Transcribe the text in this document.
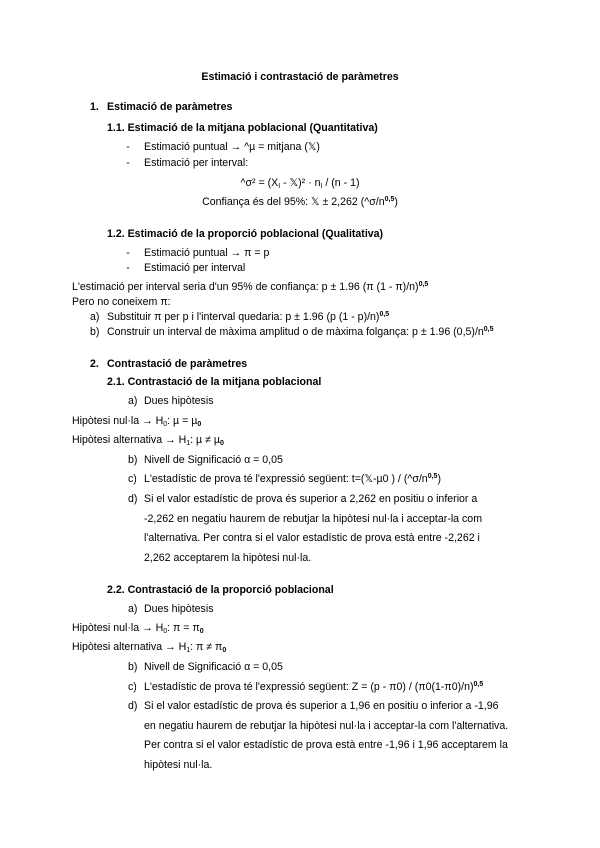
Estimació i contrastació de paràmetres
1. Estimació de paràmetres
1.1. Estimació de la mitjana poblacional (Quantitativa)
-	Estimació puntual → ^µ = mitjana (𝕏)
-	Estimació per interval:
^σ² = ($X_I$ - 𝕏)² · $n_I / (n - 1)$
Confiança és del 95%: 𝕏 ± 2,262 $(\^{}\sigma/n^{0,5})$
1.2. Estimació de la proporció poblacional (Qualitativa)
-	Estimació puntual → π = p
-	Estimació per interval
L'estimació per interval seria d'un 95% de confiança: p ± 1.96 (π (1 - π)/n)$^{0,5}$
Pero no coneixem π:
a) Substituir π per p i l'interval quedaria: p ± 1.96 (p (1 - p)/n)$^{0,5}$
b) Construir un interval de màxima amplitud o de màxima folgança: p ± 1.96 $(0,5)/n^{0,5}$
2. Contrastació de paràmetres
2.1. Contrastació de la mitjana poblacional
a) Dues hipòtesis
Hipòtesi $nul\cdot la \to H_0$: µ = µ$_0$
Hipòtesi alternativa → $H_1$: µ ≠ µ$_0$
b) Nivell de Significació α = 0,05
c) L'estadístic de prova té l'expressió següent: t=(𝕏-µ0 ) / $(\^{}\sigma/n^{0,5})$
d) Si el valor estadístic de prova és superior a 2,262 en positiu o inferior a
-2,262 en negatiu haurem de rebutjar la hipòtesi nul·la i acceptar-la com
l'alternativa. Per contra si el valor estadístic de prova està entre -2,262 i
2,262 acceptarem la hipòtesi nul·la.
2.2. Contrastació de la proporció poblacional
a) Dues hipòtesis
Hipòtesi $nul\cdot la \to H_0$: $\pi = \pi_0$
Hipòtesi alternativa → $H_1$: $\pi \ne \pi_0$
b) Nivell de Significació α = 0,05
c) L'estadístic de prova té l'expressió següent: $Z = (p - \pi 0) / (\pi 0(1-\pi 0)/n)^{0,5}$
d) Si el valor estadístic de prova és superior a 1,96 en positiu o inferior a -1,96
en negatiu haurem de rebutjar la hipòtesi nul·la i acceptar-la com l'alternativa.
Per contra si el valor estadístic de prova està entre -1,96 i 1,96 acceptarem la
hipòtesi nul·la.
